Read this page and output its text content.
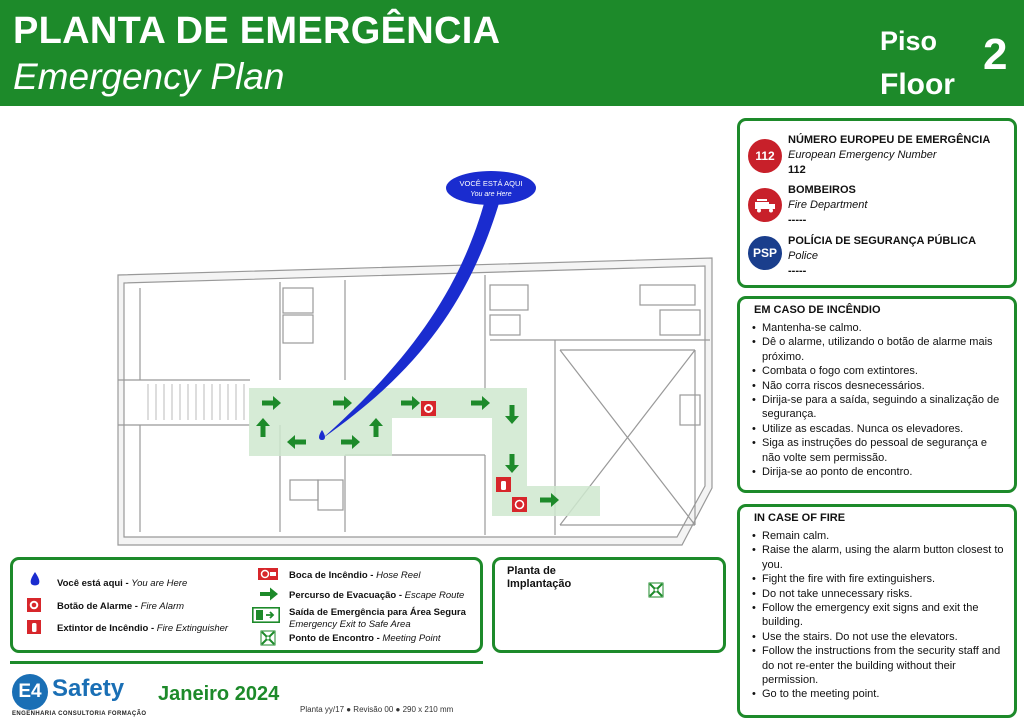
PLANTA DE EMERGÊNCIA
Emergency Plan
Piso
Floor
2
VOCÊ ESTÁ AQUI
You are Here
112
NÚMERO EUROPEU DE EMERGÊNCIA
European Emergency Number
112
BOMBEIROS
Fire Department
-----
PSP
POLÍCIA DE SEGURANÇA PÚBLICA
Police
-----
EM CASO DE INCÊNDIO
• Mantenha-se calmo.
• Dê o alarme, utilizando o botão de alarme mais próximo.
• Combata o fogo com extintores.
• Não corra riscos desnecessários.
• Dirija-se para a saída, seguindo a sinalização de segurança.
• Utilize as escadas. Nunca os elevadores.
• Siga as instruções do pessoal de segurança e não volte sem permissão.
• Dirija-se ao ponto de encontro.
IN CASE OF FIRE
• Remain calm.
• Raise the alarm, using the alarm button closest to you.
• Fight the fire with fire extinguishers.
• Do not take unnecessary risks.
• Follow the emergency exit signs and exit the building.
• Use the stairs. Do not use the elevators.
• Follow the instructions from the security staff and do not re-enter the building without their permission.
• Go to the meeting point.
Você está aqui - You are Here
Botão de Alarme - Fire Alarm
Extintor de Incêndio - Fire Extinguisher
Boca de Incêndio - Hose Reel
Percurso de Evacuação - Escape Route
Saída de Emergência para Área Segura
Emergency Exit to Safe Area
Ponto de Encontro - Meeting Point
Planta de Implantação
E4 Safety
ENGENHARIA CONSULTORIA FORMAÇÃO
Janeiro 2024
Planta yy/17 ● Revisão 00 ● 290 x 210 mm
